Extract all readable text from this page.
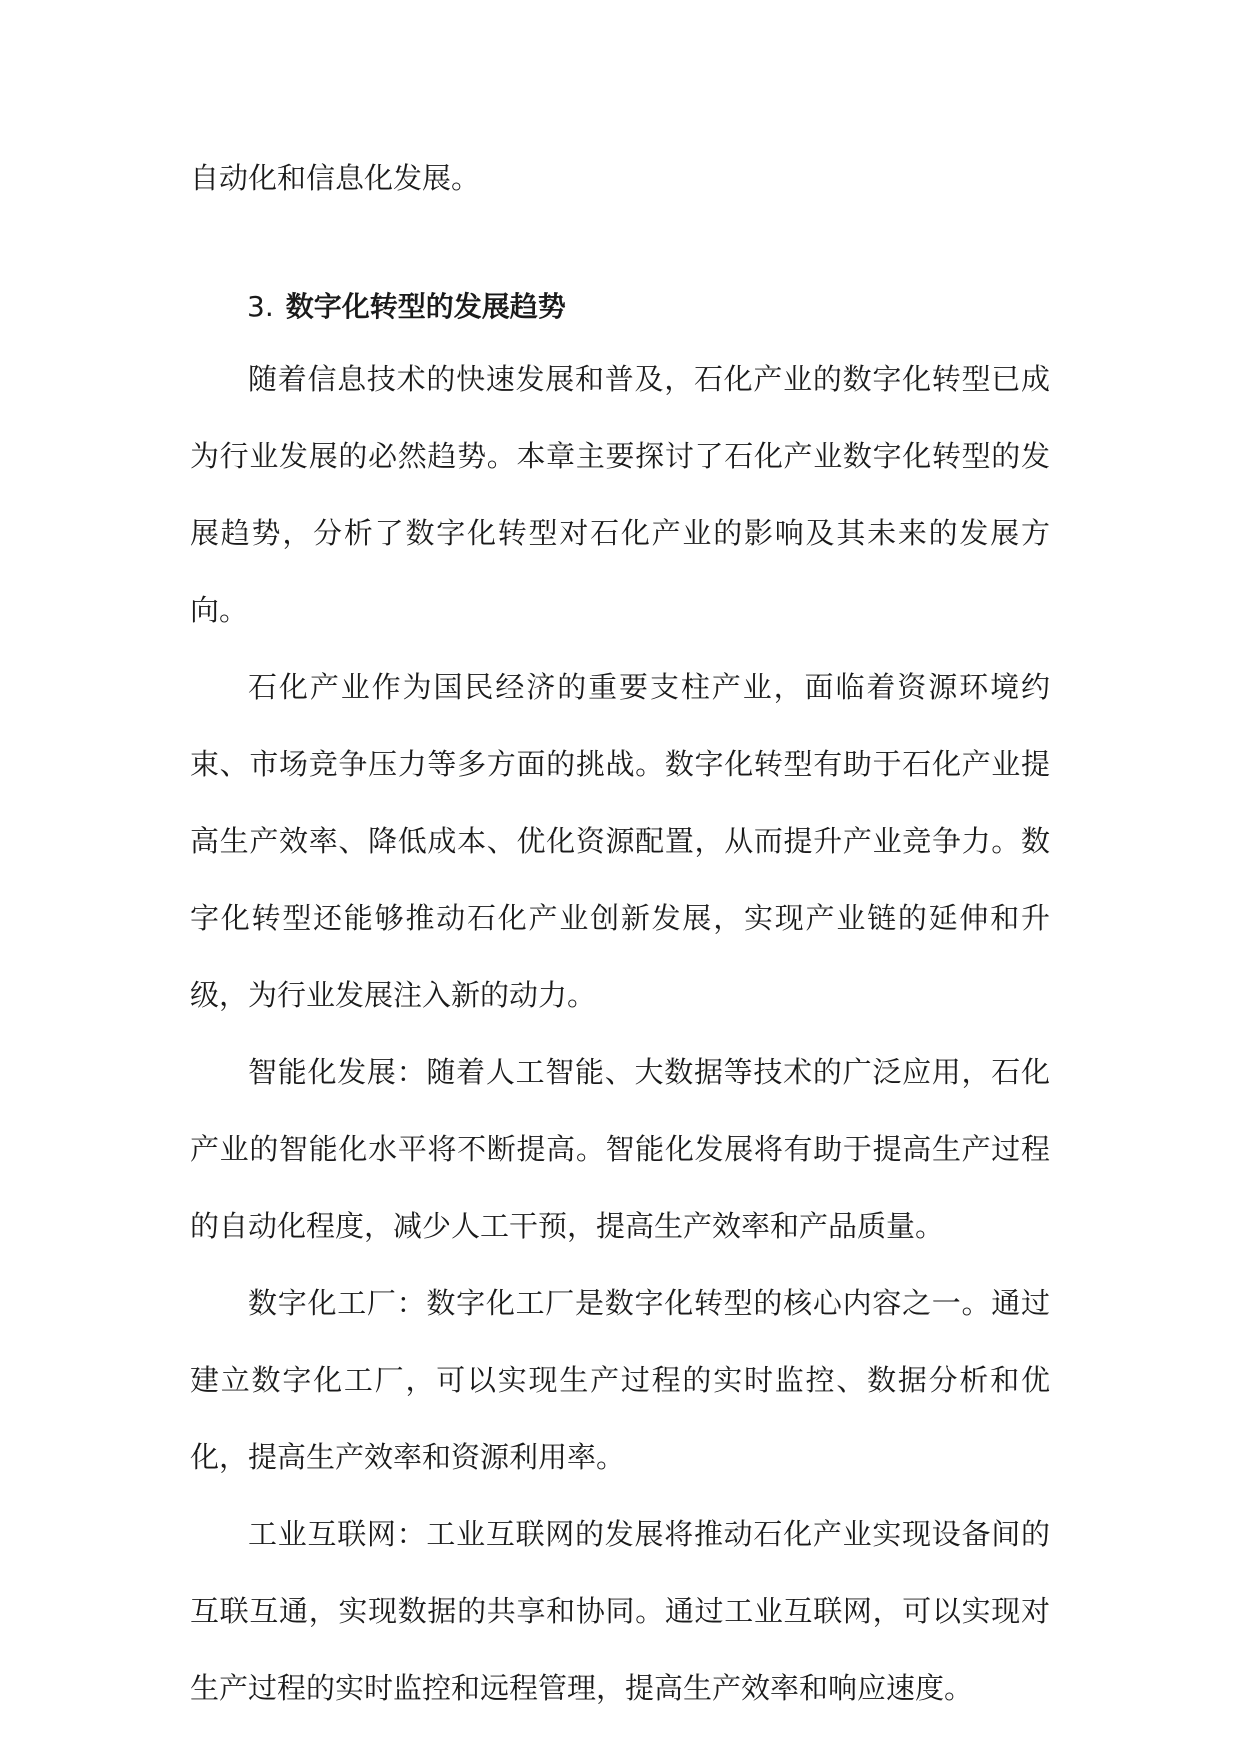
自动化和信息化发展。

3. 数字化转型的发展趋势

随着信息技术的快速发展和普及，石化产业的数字化转型已成为行业发展的必然趋势。本章主要探讨了石化产业数字化转型的发展趋势，分析了数字化转型对石化产业的影响及其未来的发展方向。

石化产业作为国民经济的重要支柱产业，面临着资源环境约束、市场竞争压力等多方面的挑战。数字化转型有助于石化产业提高生产效率、降低成本、优化资源配置，从而提升产业竞争力。数字化转型还能够推动石化产业创新发展，实现产业链的延伸和升级，为行业发展注入新的动力。

智能化发展：随着人工智能、大数据等技术的广泛应用，石化产业的智能化水平将不断提高。智能化发展将有助于提高生产过程的自动化程度，减少人工干预，提高生产效率和产品质量。

数字化工厂：数字化工厂是数字化转型的核心内容之一。通过建立数字化工厂，可以实现生产过程的实时监控、数据分析和优化，提高生产效率和资源利用率。

工业互联网：工业互联网的发展将推动石化产业实现设备间的互联互通，实现数据的共享和协同。通过工业互联网，可以实现对生产过程的实时监控和远程管理，提高生产效率和响应速度。
